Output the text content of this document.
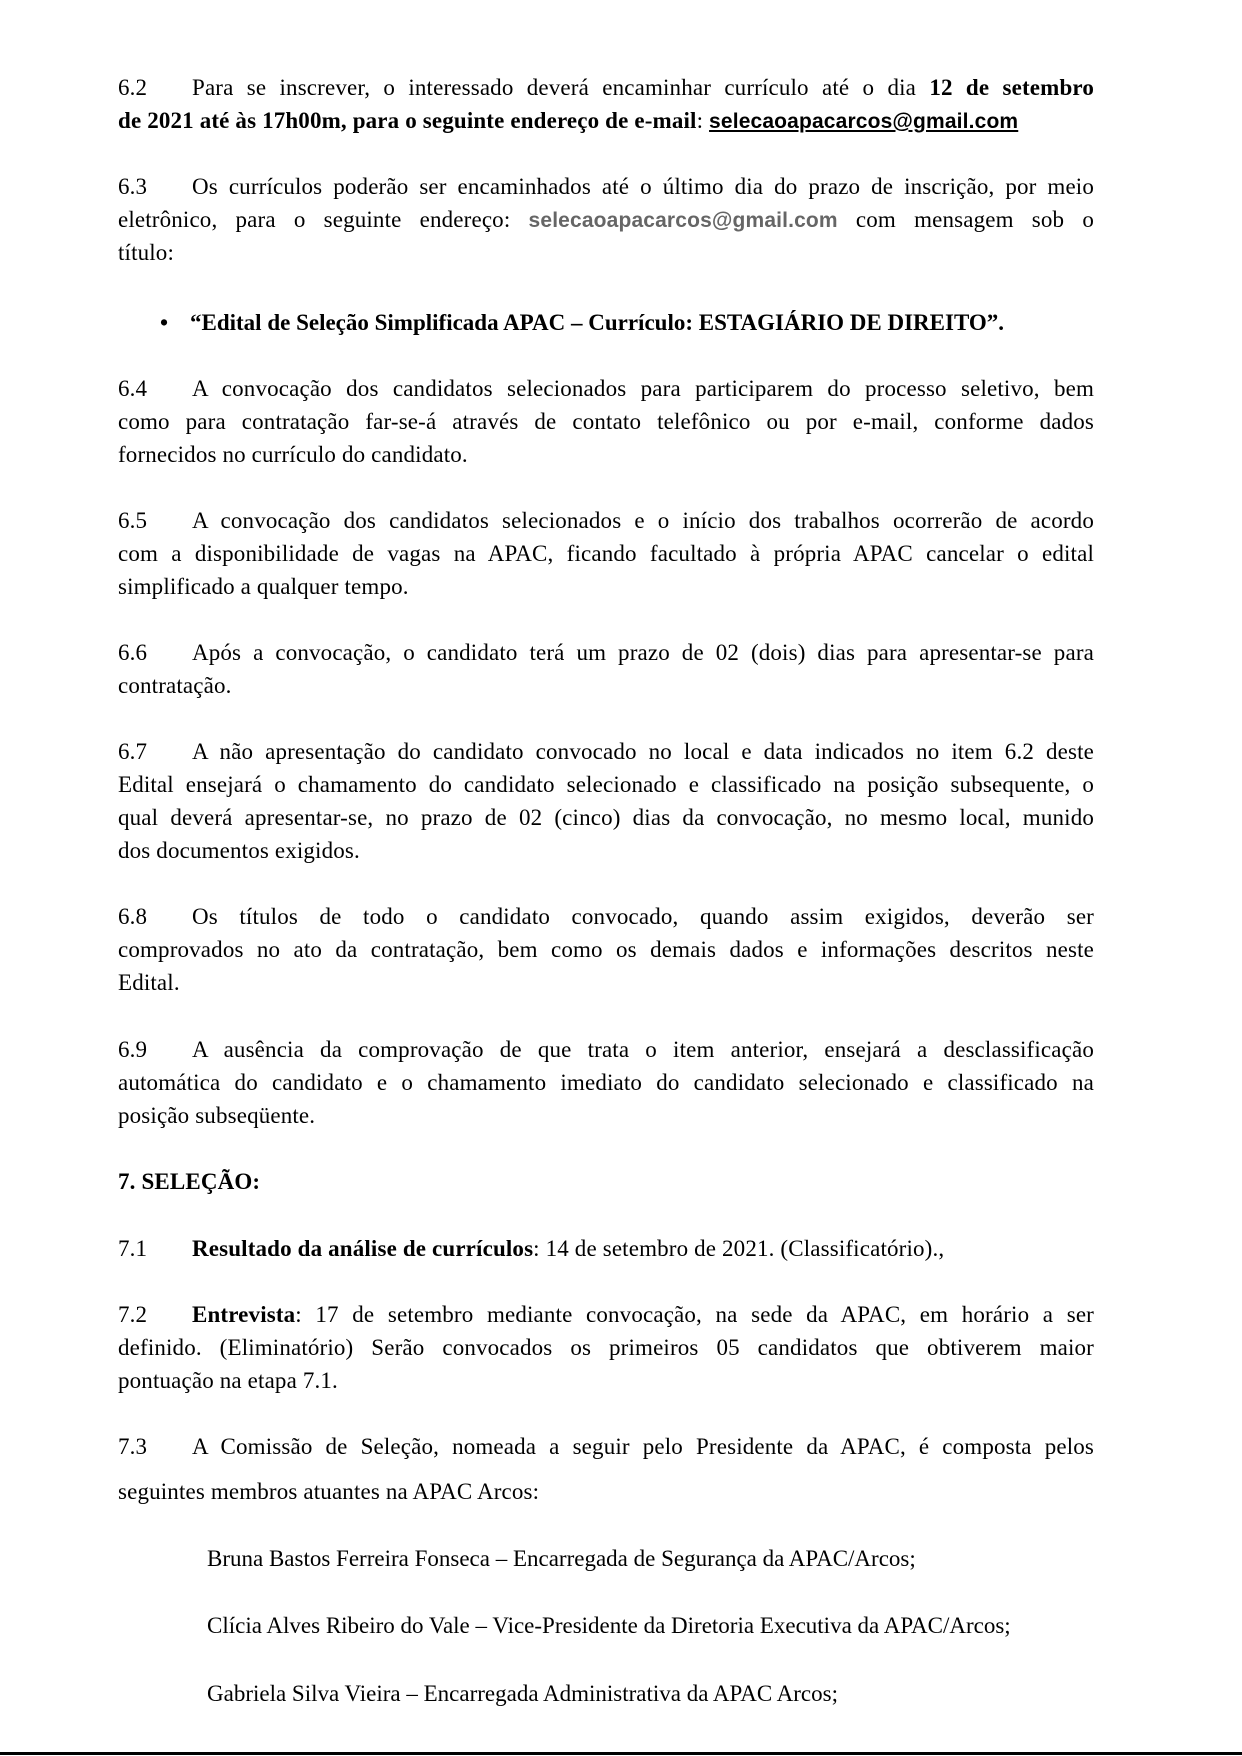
6.2 Para se inscrever, o interessado deverá encaminhar currículo até o dia 12 de setembro
de 2021 até às 17h00m, para o seguinte endereço de e-mail: selecaoapacarcos@gmail.com
6.3 Os currículos poderão ser encaminhados até o último dia do prazo de inscrição, por meio
eletrônico, para o seguinte endereço: selecaoapacarcos@gmail.com com mensagem sob o
título:
• “Edital de Seleção Simplificada APAC – Currículo: ESTAGIÁRIO DE DIREITO”.
6.4 A convocação dos candidatos selecionados para participarem do processo seletivo, bem
como para contratação far-se-á através de contato telefônico ou por e-mail, conforme dados
fornecidos no currículo do candidato.
6.5 A convocação dos candidatos selecionados e o início dos trabalhos ocorrerão de acordo
com a disponibilidade de vagas na APAC, ficando facultado à própria APAC cancelar o edital
simplificado a qualquer tempo.
6.6 Após a convocação, o candidato terá um prazo de 02 (dois) dias para apresentar-se para
contratação.
6.7 A não apresentação do candidato convocado no local e data indicados no item 6.2 deste
Edital ensejará o chamamento do candidato selecionado e classificado na posição subsequente, o
qual deverá apresentar-se, no prazo de 02 (cinco) dias da convocação, no mesmo local, munido
dos documentos exigidos.
6.8 Os títulos de todo o candidato convocado, quando assim exigidos, deverão ser
comprovados no ato da contratação, bem como os demais dados e informações descritos neste
Edital.
6.9 A ausência da comprovação de que trata o item anterior, ensejará a desclassificação
automática do candidato e o chamamento imediato do candidato selecionado e classificado na
posição subseqüente.
7. SELEÇÃO:
7.1 Resultado da análise de currículos: 14 de setembro de 2021. (Classificatório).,
7.2 Entrevista: 17 de setembro mediante convocação, na sede da APAC, em horário a ser
definido. (Eliminatório) Serão convocados os primeiros 05 candidatos que obtiverem maior
pontuação na etapa 7.1.
7.3 A Comissão de Seleção, nomeada a seguir pelo Presidente da APAC, é composta pelos
seguintes membros atuantes na APAC Arcos:
Bruna Bastos Ferreira Fonseca – Encarregada de Segurança da APAC/Arcos;
Clícia Alves Ribeiro do Vale – Vice-Presidente da Diretoria Executiva da APAC/Arcos;
Gabriela Silva Vieira – Encarregada Administrativa da APAC Arcos;
